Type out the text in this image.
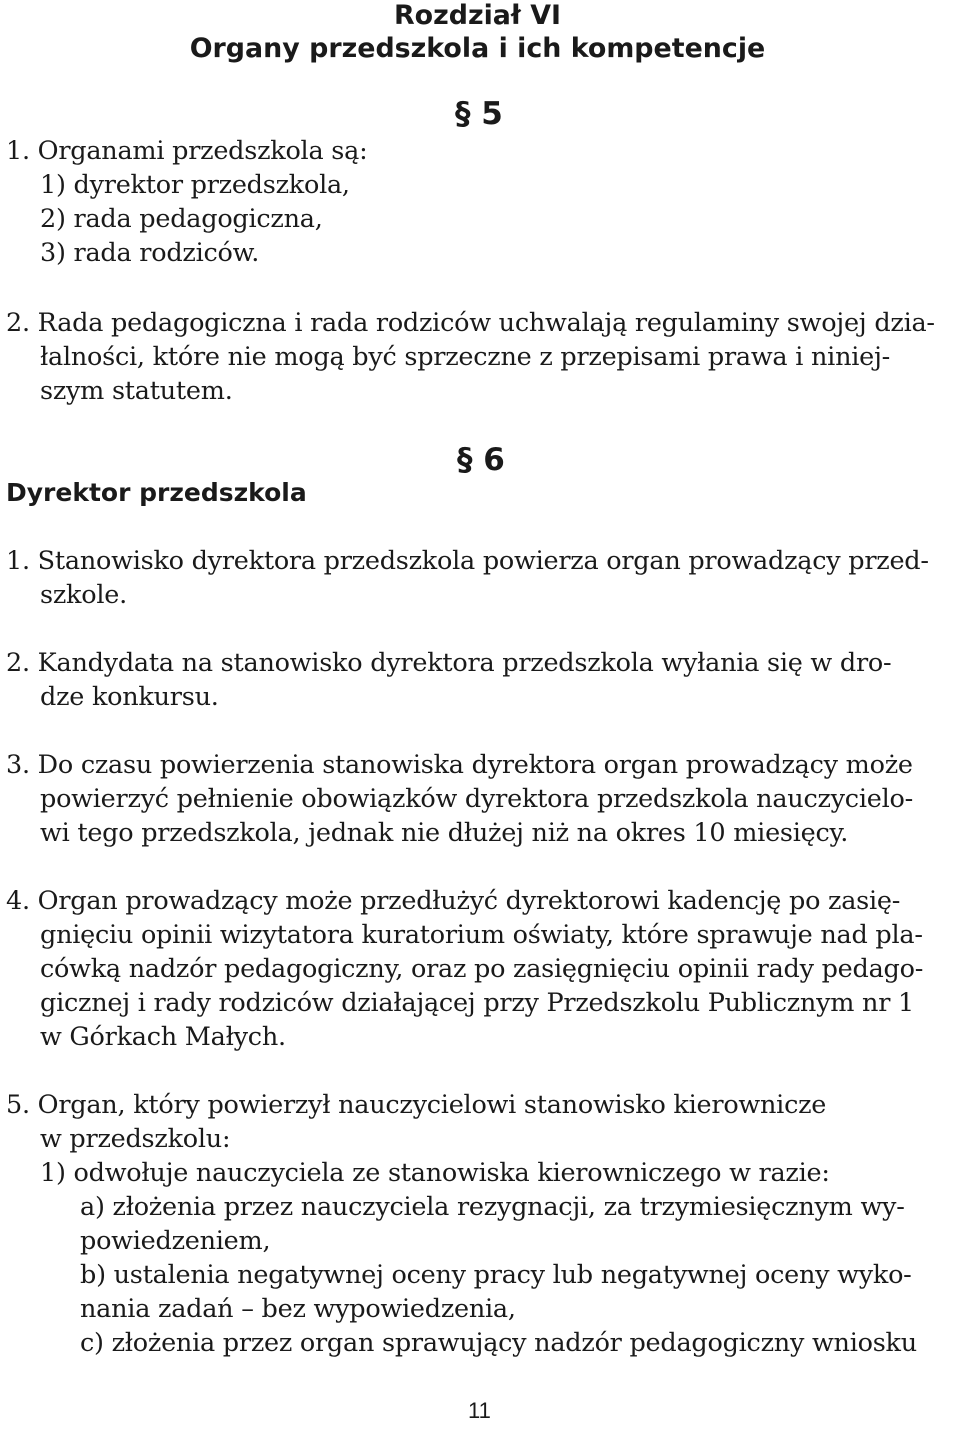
Rozdział VI
Organy przedszkola i ich kompetencje
§ 5
1. Organami przedszkola są:
1) dyrektor przedszkola,
2) rada pedagogiczna,
3) rada rodziców.
2. Rada pedagogiczna i rada rodziców uchwalają regulaminy swojej dzia-
łalności, które nie mogą być sprzeczne z przepisami prawa i niniej-
szym statutem.
§ 6
Dyrektor przedszkola
1. Stanowisko dyrektora przedszkola powierza organ prowadzący przed-
szkole.
2. Kandydata na stanowisko dyrektora przedszkola wyłania się w dro-
dze konkursu.
3. Do czasu powierzenia stanowiska dyrektora organ prowadzący może
powierzyć pełnienie obowiązków dyrektora przedszkola nauczycielo-
wi tego przedszkola, jednak nie dłużej niż na okres 10 miesięcy.
4. Organ prowadzący może przedłużyć dyrektorowi kadencję po zasię-
gnięciu opinii wizytatora kuratorium oświaty, które sprawuje nad pla-
cówką nadzór pedagogiczny, oraz po zasięgnięciu opinii rady pedago-
gicznej i rady rodziców działającej przy Przedszkolu Publicznym nr 1
w Górkach Małych.
5. Organ, który powierzył nauczycielowi stanowisko kierownicze
w przedszkolu:
1) odwołuje nauczyciela ze stanowiska kierowniczego w razie:
a) złożenia przez nauczyciela rezygnacji, za trzymiesięcznym wy-
powiedzeniem,
b) ustalenia negatywnej oceny pracy lub negatywnej oceny wyko-
nania zadań – bez wypowiedzenia,
c) złożenia przez organ sprawujący nadzór pedagogiczny wniosku
11
